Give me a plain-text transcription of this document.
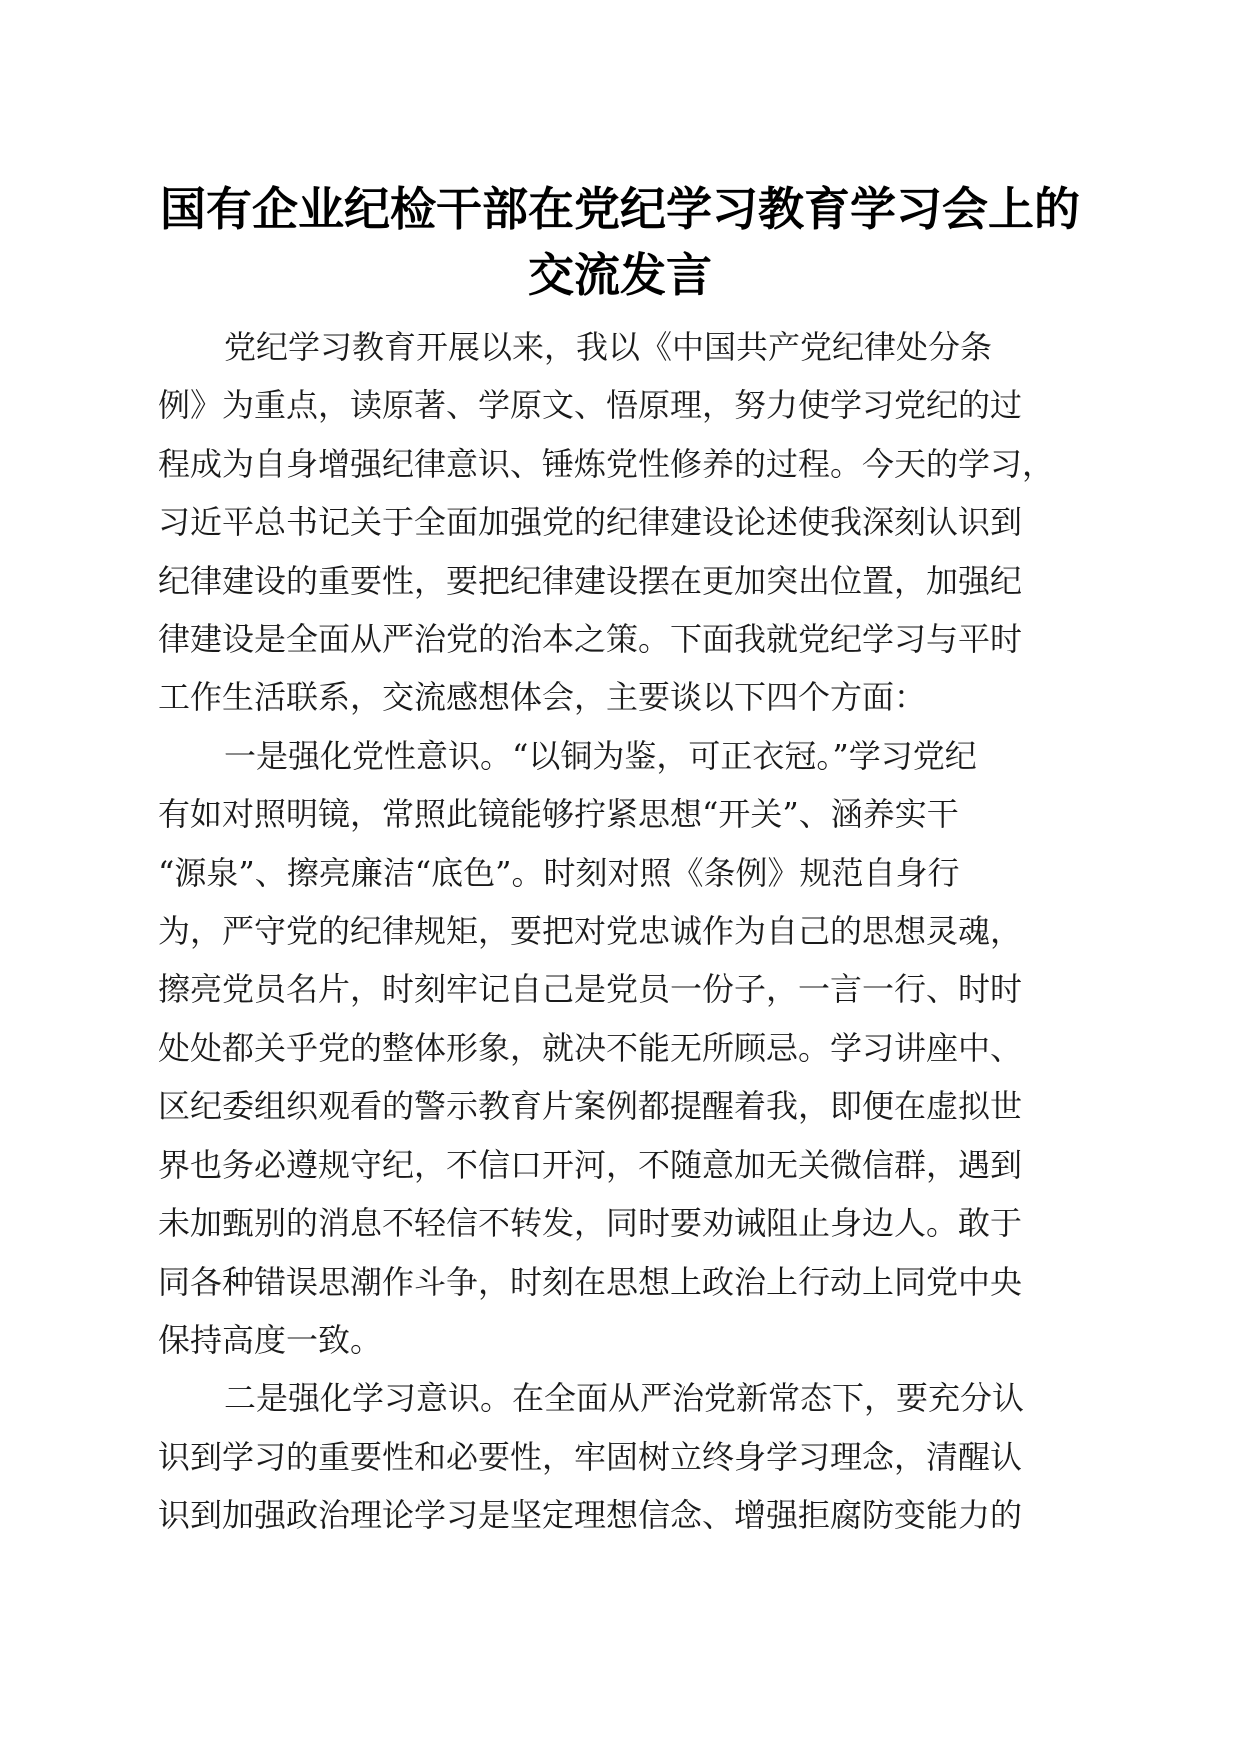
国有企业纪检干部在党纪学习教育学习会上的
交流发言

党纪学习教育开展以来，我以《中国共产党纪律处分条
例》为重点，读原著、学原文、悟原理，努力使学习党纪的过
程成为自身增强纪律意识、锤炼党性修养的过程。今天的学习，
习近平总书记关于全面加强党的纪律建设论述使我深刻认识到
纪律建设的重要性，要把纪律建设摆在更加突出位置，加强纪
律建设是全面从严治党的治本之策。下面我就党纪学习与平时
工作生活联系，交流感想体会，主要谈以下四个方面：

一是强化党性意识。“以铜为鉴，可正衣冠。”学习党纪
有如对照明镜，常照此镜能够拧紧思想“开关”、涵养实干
“源泉”、擦亮廉洁“底色”。时刻对照《条例》规范自身行
为，严守党的纪律规矩，要把对党忠诚作为自己的思想灵魂，
擦亮党员名片，时刻牢记自己是党员一份子，一言一行、时时
处处都关乎党的整体形象，就决不能无所顾忌。学习讲座中、
区纪委组织观看的警示教育片案例都提醒着我，即便在虚拟世
界也务必遵规守纪，不信口开河，不随意加无关微信群，遇到
未加甄别的消息不轻信不转发，同时要劝诫阻止身边人。敢于
同各种错误思潮作斗争，时刻在思想上政治上行动上同党中央
保持高度一致。

二是强化学习意识。在全面从严治党新常态下，要充分认
识到学习的重要性和必要性，牢固树立终身学习理念，清醒认
识到加强政治理论学习是坚定理想信念、增强拒腐防变能力的
